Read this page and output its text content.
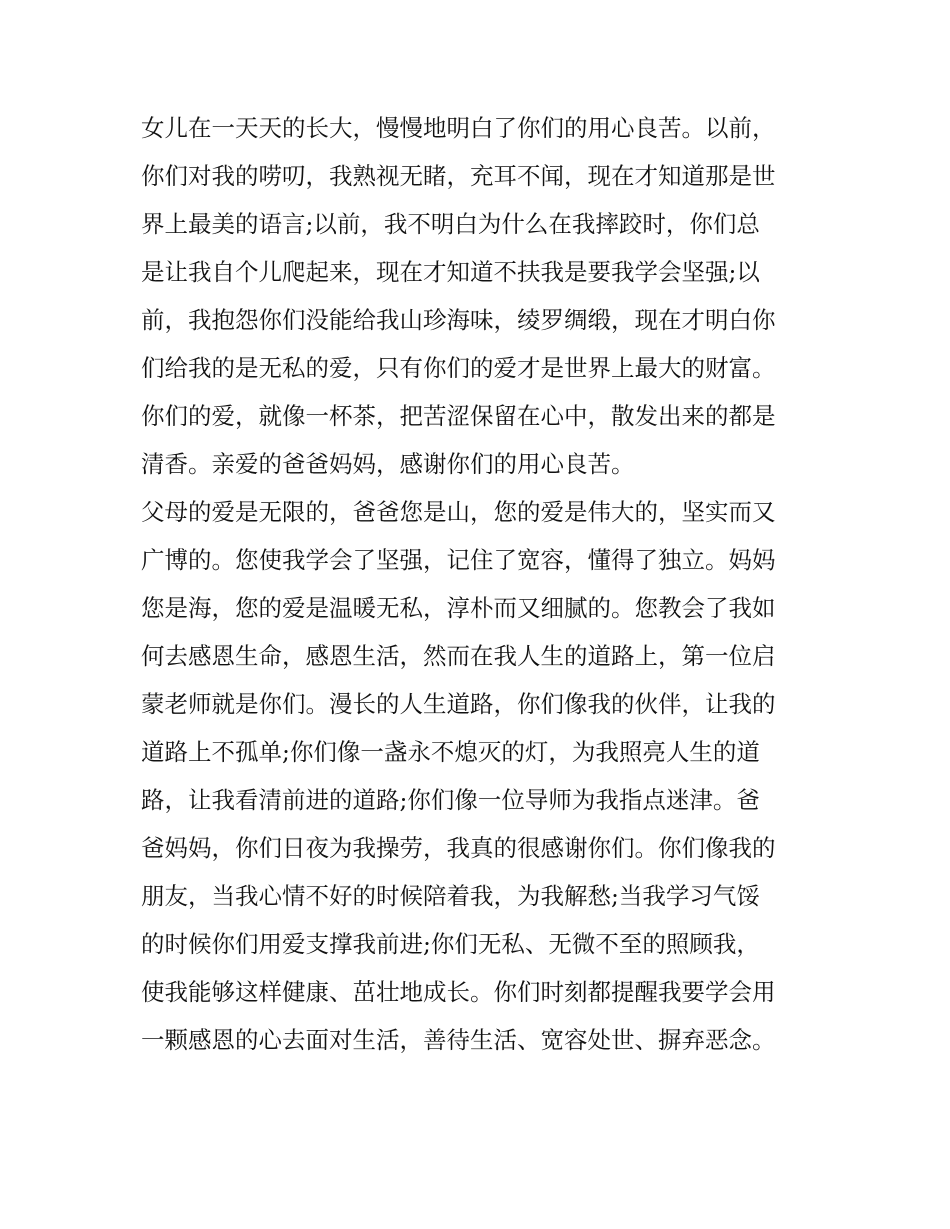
女儿在一天天的长大，慢慢地明白了你们的用心良苦。以前，
你们对我的唠叨，我熟视无睹，充耳不闻，现在才知道那是世
界上最美的语言;以前，我不明白为什么在我摔跤时，你们总
是让我自个儿爬起来，现在才知道不扶我是要我学会坚强;以
前，我抱怨你们没能给我山珍海味，绫罗绸缎，现在才明白你
们给我的是无私的爱，只有你们的爱才是世界上最大的财富。
你们的爱，就像一杯茶，把苦涩保留在心中，散发出来的都是
清香。亲爱的爸爸妈妈，感谢你们的用心良苦。
父母的爱是无限的，爸爸您是山，您的爱是伟大的，坚实而又
广博的。您使我学会了坚强，记住了宽容，懂得了独立。妈妈
您是海，您的爱是温暖无私，淳朴而又细腻的。您教会了我如
何去感恩生命，感恩生活，然而在我人生的道路上，第一位启
蒙老师就是你们。漫长的人生道路，你们像我的伙伴，让我的
道路上不孤单;你们像一盏永不熄灭的灯，为我照亮人生的道
路，让我看清前进的道路;你们像一位导师为我指点迷津。爸
爸妈妈，你们日夜为我操劳，我真的很感谢你们。你们像我的
朋友，当我心情不好的时候陪着我，为我解愁;当我学习气馁
的时候你们用爱支撑我前进;你们无私、无微不至的照顾我，
使我能够这样健康、茁壮地成长。你们时刻都提醒我要学会用
一颗感恩的心去面对生活，善待生活、宽容处世、摒弃恶念。
